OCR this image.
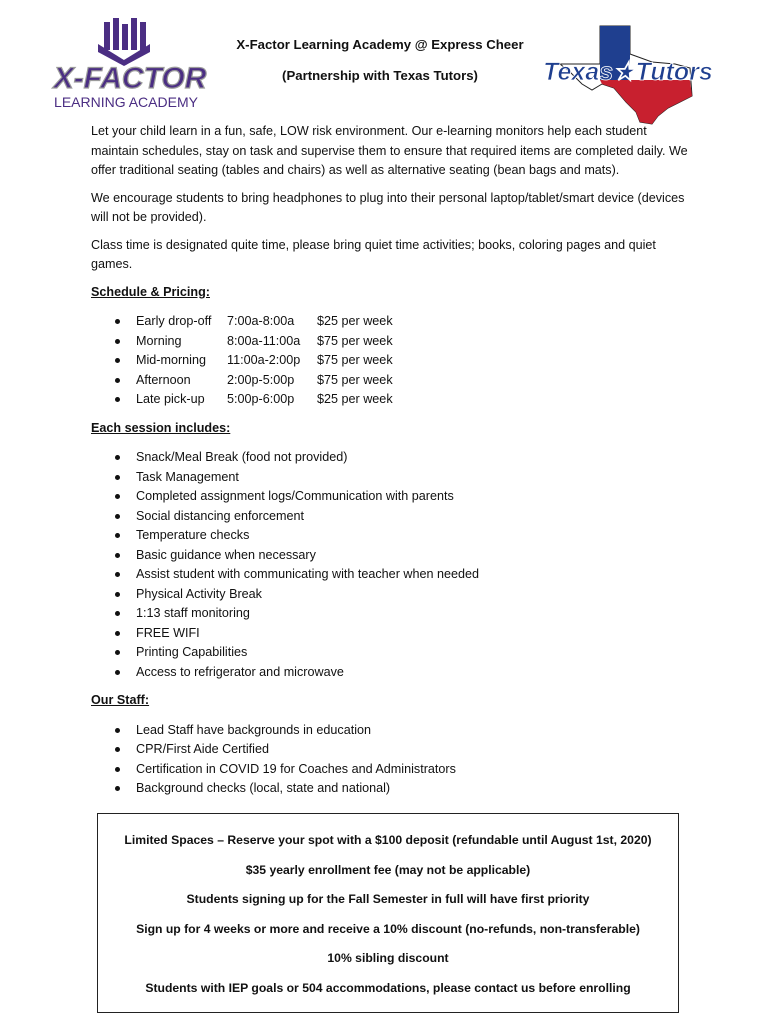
X-FACTOR
LEARNING ACADEMY
X-Factor Learning Academy @ Express Cheer
(Partnership with Texas Tutors)	Texas★Tutors

Let your child learn in a fun, safe, LOW risk environment. Our e-learning monitors help each student maintain schedules, stay on task and supervise them to ensure that required items are completed daily. We offer traditional seating (tables and chairs) as well as alternative seating (bean bags and mats).

We encourage students to bring headphones to plug into their personal laptop/tablet/smart device (devices will not be provided).

Class time is designated quite time, please bring quiet time activities; books, coloring pages and quiet games.

Schedule & Pricing:
Early drop-off 7:00a-8:00a $25 per week
Morning	8:00a-11:00a $75 per week
Mid-morning 11:00a-2:00p $75 per week
Afternoon	2:00p-5:00p $75 per week
Late pick-up 5:00p-6:00p $25 per week
Each session includes:
Snack/Meal Break (food not provided)
Task Management
Completed assignment logs/Communication with parents
Social distancing enforcement
Temperature checks
Basic guidance when necessary
Assist student with communicating with teacher when needed
Physical Activity Break
1:13 staff monitoring
FREE WIFI
Printing Capabilities
Access to refrigerator and microwave
Our Staff:
Lead Staff have backgrounds in education
CPR/First Aide Certified
Certification in COVID 19 for Coaches and Administrators
Background checks (local, state and national)
Limited Spaces – Reserve your spot with a $100 deposit (refundable until August 1st, 2020)
$35 yearly enrollment fee (may not be applicable)
Students signing up for the Fall Semester in full will have first priority
Sign up for 4 weeks or more and receive a 10% discount (no-refunds, non-transferable)
10% sibling discount
Students with IEP goals or 504 accommodations, please contact us before enrolling
